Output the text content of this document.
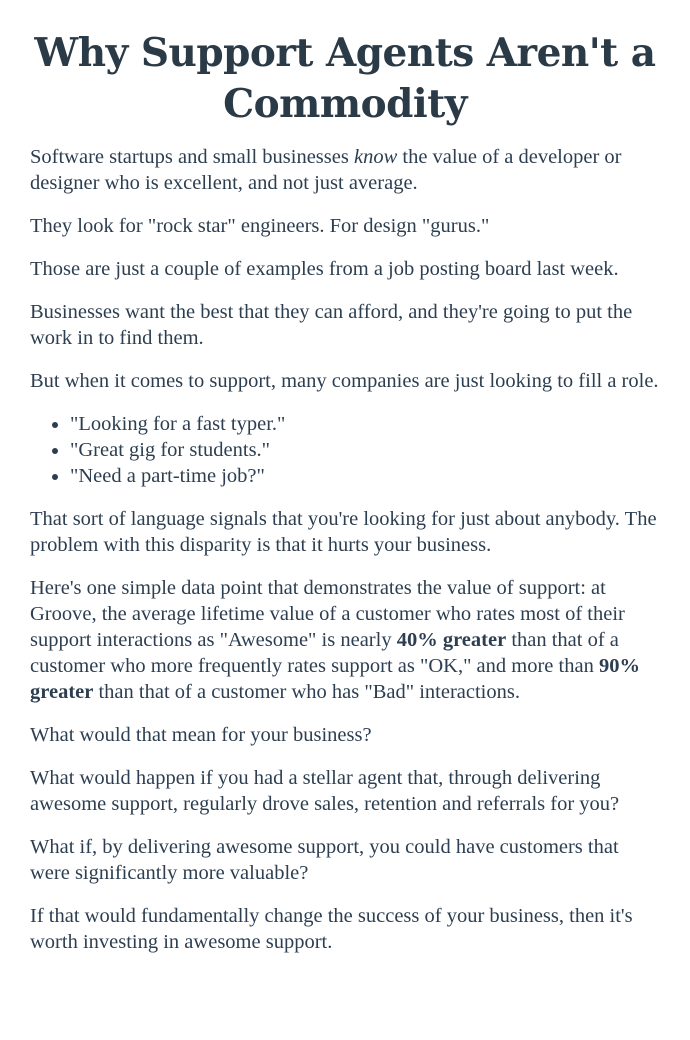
Why Support Agents Aren't a Commodity

Software startups and small businesses know the value of a developer or designer who is excellent, and not just average.

They look for "rock star" engineers. For design "gurus."

Those are just a couple of examples from a job posting board last week.

Businesses want the best that they can afford, and they're going to put the work in to find them.

But when it comes to support, many companies are just looking to fill a role.

• "Looking for a fast typer."
• "Great gig for students."
• "Need a part-time job?"

That sort of language signals that you're looking for just about anybody. The problem with this disparity is that it hurts your business.

Here's one simple data point that demonstrates the value of support: at Groove, the average lifetime value of a customer who rates most of their support interactions as "Awesome" is nearly 40% greater than that of a customer who more frequently rates support as "OK," and more than 90% greater than that of a customer who has "Bad" interactions.

What would that mean for your business?

What would happen if you had a stellar agent that, through delivering awesome support, regularly drove sales, retention and referrals for you?

What if, by delivering awesome support, you could have customers that were significantly more valuable?

If that would fundamentally change the success of your business, then it's worth investing in awesome support.
